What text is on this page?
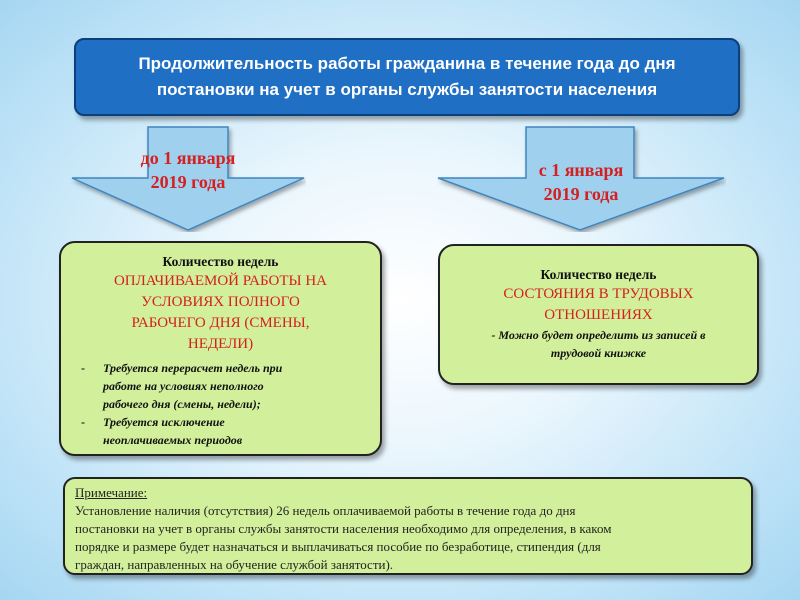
Продолжительность работы гражданина в течение года до дня
постановки на учет в органы службы занятости населения
до 1 января
2019 года
с 1 января
2019 года
Количество недель
ОПЛАЧИВАЕМОЙ РАБОТЫ НА
УСЛОВИЯХ ПОЛНОГО
РАБОЧЕГО ДНЯ (СМЕНЫ,
НЕДЕЛИ)
- Требуется перерасчет недель при
работе на условиях неполного
рабочего дня (смены, недели);
- Требуется исключение
неоплачиваемых периодов
Количество недель
СОСТОЯНИЯ В ТРУДОВЫХ
ОТНОШЕНИЯХ
- Можно будет определить из записей в
трудовой книжке
Примечание:
Установление наличия (отсутствия) 26 недель оплачиваемой работы в течение года до дня
постановки на учет в органы службы занятости населения необходимо для определения, в каком
порядке и размере будет назначаться и выплачиваться пособие по безработице, стипендия (для
граждан, направленных на обучение службой занятости).
